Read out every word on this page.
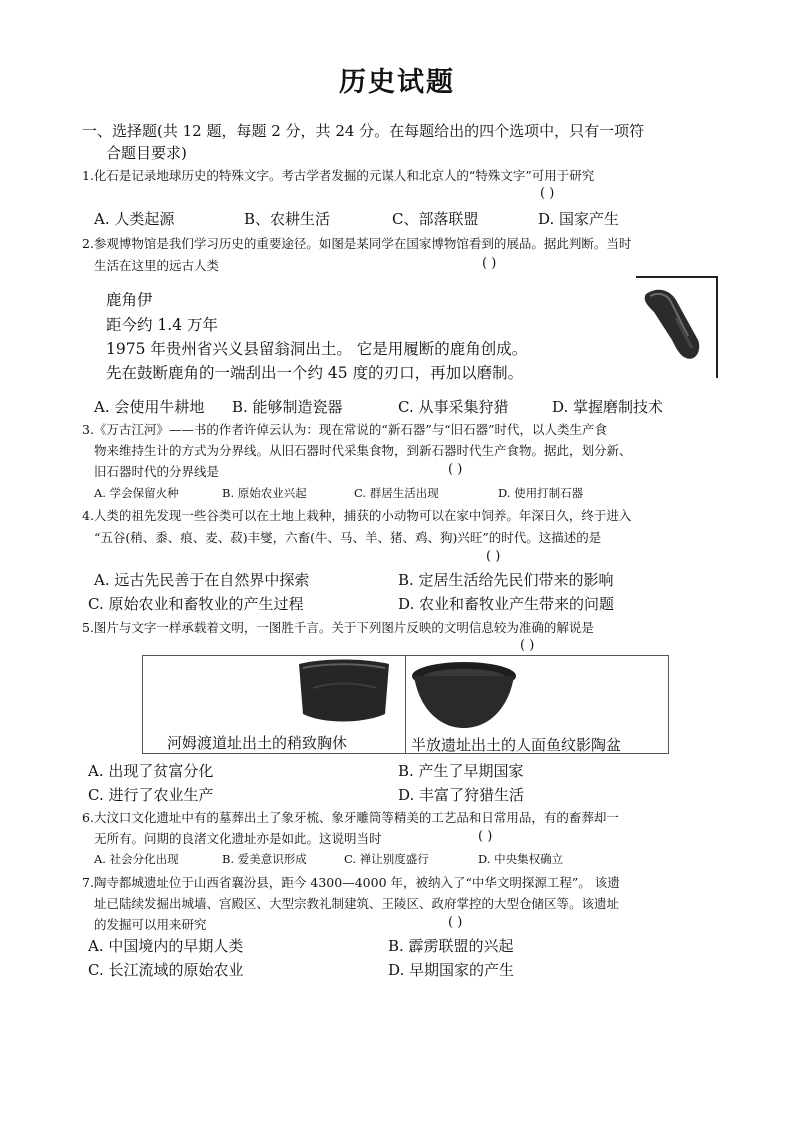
历史试题
一、选择题(共 12 题，每题 2 分，共 24 分。在每题给出的四个选项中，只有一项符
合题目要求)
1.化石是记录地球历史的特殊文字。考古学者发掘的元谋人和北京人的“特殊文字”可用于研究
( )
A. 人类起源	B、农耕生活	C、部落联盟	D. 国家产生
2.参观博物馆是我们学习历史的重要途径。如图是某同学在国家博物馆看到的展品。据此判断。当时
生活在这里的远古人类	( )
鹿角伊
距今约 1.4 万年
1975 年贵州省兴义县留翁洞出土。 它是用履断的鹿角创成。
先在鼓断鹿角的一端刮出一个约 45 度的刃口，再加以磨制。
A. 会使用牛耕地 B. 能够制造瓷器	C. 从事采集狩猎	D. 掌握磨制技术
3.《万古江河》——书的作者许倬云认为：现在常说的“新石器”与“旧石器”时代，以人类生产食
物来维持生计的方式为分界线。从旧石器时代采集食物，到新石器时代生产食物。据此，划分新、
旧石器时代的分界线是	( )
A. 学会保留火种	B. 原始农业兴起	C. 群居生活出现	D. 使用打制石器
4.人类的祖先发现一些谷类可以在土地上栽种，捕获的小动物可以在家中饲养。年深日久，终于进入
“五谷(稍、黍、痕、麦、菽)丰燮，六畜(牛、马、羊、猪、鸡、狗)兴旺”的时代。这描述的是
( )
A. 远古先民善于在自然界中探索	B. 定居生活给先民们带来的影响
C. 原始农业和畜牧业的产生过程	D. 农业和畜牧业产生带来的问题
5.图片与文字一样承载着文明，一图胜千言。关于下列图片反映的文明信息较为准确的解说是
( )
河姆渡道址出土的稍致胸休	半放遗址出土的人面鱼纹影陶盆
A. 出现了贫富分化	B. 产生了早期国家
C. 进行了农业生产	D. 丰富了狩猎生活
6.大汶口文化遗址中有的墓葬出土了象牙梳、象牙雕筒等精美的工艺品和日常用品，有的畜葬却一
无所有。问期的良渚文化遗址亦是如此。这说明当时	( )
A. 社会分化出现	B. 爱美意识形成	C. 禅让别度盛行	D. 中央集权确立
7.陶寺都城遗址位于山西省襄汾县，距今 4300—4000 年，被纳入了“中华文明探源工程”。 该遗
址已陆续发掘出城墙、宫殿区、大型宗教礼制建筑、王陵区、政府掌控的大型仓储区等。该遗址
的发掘可以用来研究	( )
A. 中国境内的早期人类	B. 霹雳联盟的兴起
C. 长江流域的原始农业	D. 早期国家的产生
